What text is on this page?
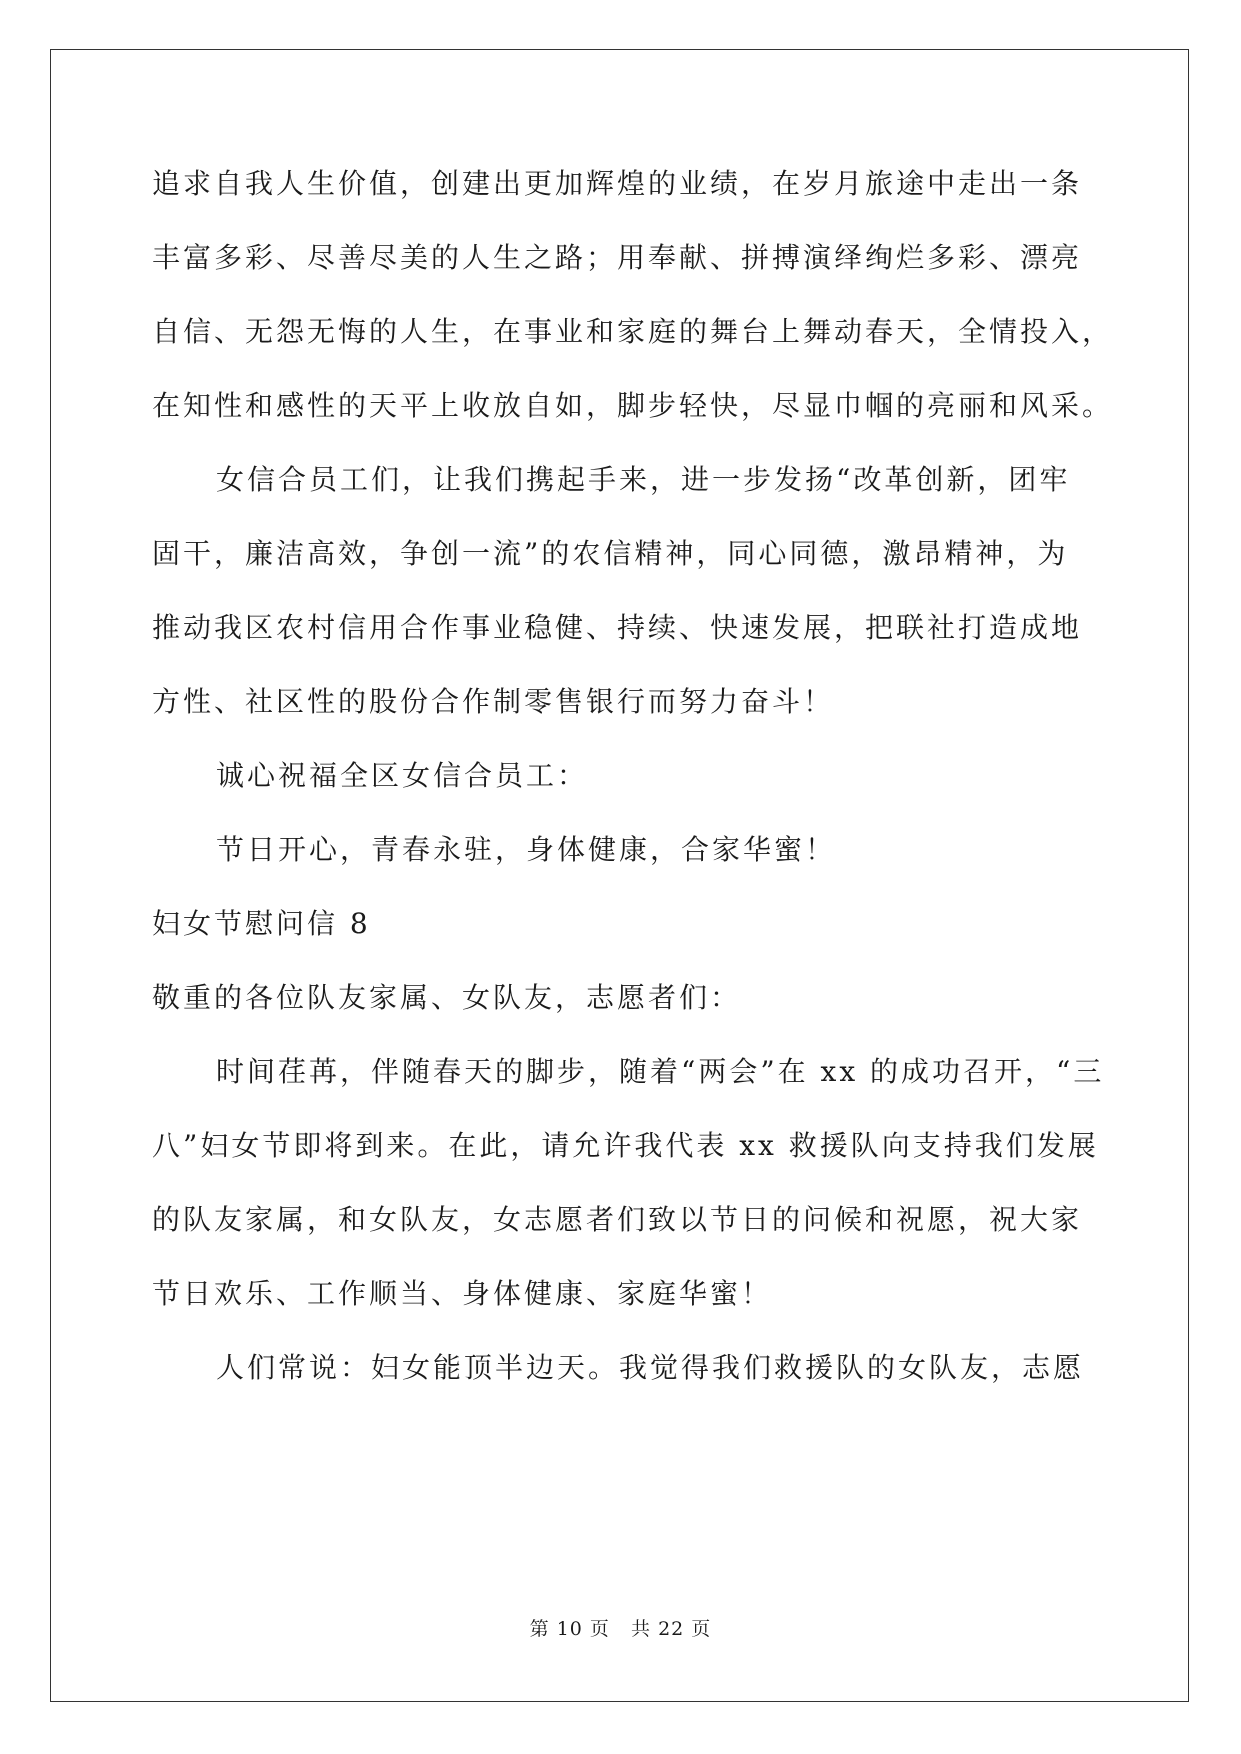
追求自我人生价值，创建出更加辉煌的业绩，在岁月旅途中走出一条
丰富多彩、尽善尽美的人生之路；用奉献、拼搏演绎绚烂多彩、漂亮
自信、无怨无悔的人生，在事业和家庭的舞台上舞动春天，全情投入，
在知性和感性的天平上收放自如，脚步轻快，尽显巾帼的亮丽和风采。
女信合员工们，让我们携起手来，进一步发扬“改革创新，团牢
固干，廉洁高效，争创一流”的农信精神，同心同德，激昂精神，为
推动我区农村信用合作事业稳健、持续、快速发展，把联社打造成地
方性、社区性的股份合作制零售银行而努力奋斗！
诚心祝福全区女信合员工：
节日开心，青春永驻，身体健康，合家华蜜！
妇女节慰问信 8
敬重的各位队友家属、女队友，志愿者们：
时间荏苒，伴随春天的脚步，随着“两会”在 xx 的成功召开，“三
八”妇女节即将到来。在此，请允许我代表 xx 救援队向支持我们发展
的队友家属，和女队友，女志愿者们致以节日的问候和祝愿，祝大家
节日欢乐、工作顺当、身体健康、家庭华蜜！
人们常说：妇女能顶半边天。我觉得我们救援队的女队友，志愿
第 10 页   共 22 页
